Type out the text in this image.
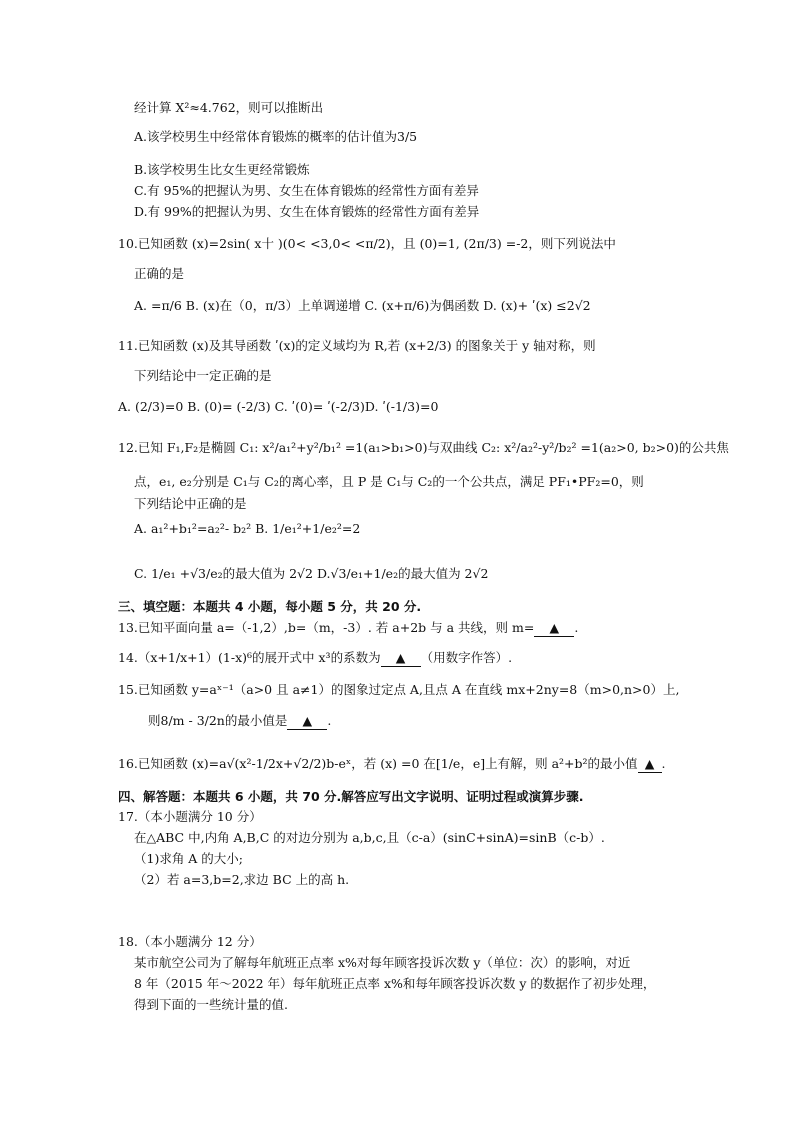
经计算 X²≈4.762，则可以推断出
A.该学校男生中经常体育锻炼的概率的估计值为3/5
B.该学校男生比女生更经常锻炼
C.有 95%的把握认为男、女生在体育锻炼的经常性方面有差异
D.有 99%的把握认为男、女生在体育锻炼的经常性方面有差异
10.已知函数 (x)=2sin( x十 )(0< <3,0< <π/2)，且 (0)=1, (2π/3) =-2，则下列说法中
正确的是
A. =π/6 B. (x)在（0，π/3）上单调递增 C. (x+π/6)为偶函数 D. (x)+ ʹ(x) ≤2√2
11.已知函数 (x)及其导函数 ʹ(x)的定义域均为 R,若 (x+2/3) 的图象关于 y 轴对称，则
下列结论中一定正确的是
A. (2/3)=0 B. (0)= (-2/3) C. ʹ(0)= ʹ(-2/3)D. ʹ(-1/3)=0
12.已知 F₁,F₂是椭圆 C₁: x²/a₁²+y²/b₁² =1(a₁>b₁>0)与双曲线 C₂: x²/a₂²-y²/b₂² =1(a₂>0, b₂>0)的公共焦
点，e₁, e₂分别是 C₁与 C₂的离心率，且 P 是 C₁与 C₂的一个公共点，满足 PF₁•PF₂=0，则
下列结论中正确的是
A. a₁²+b₁²=a₂²- b₂² B. 1/e₁²+1/e₂²=2
C. 1/e₁ +√3/e₂的最大值为 2√2 D.√3/e₁+1/e₂的最大值为 2√2
三、填空题：本题共 4 小题，每小题 5 分，共 20 分.
13.已知平面向量 a=（-1,2）,b=（m，-3）. 若 a+2b 与 a 共线，则 m= ▲ .
14.（x+1/x+1）(1-x)⁶的展开式中 x³的系数为 ▲ （用数字作答）.
15.已知函数 y=aˣ⁻¹（a>0 且 a≠1）的图象过定点 A,且点 A 在直线 mx+2ny=8（m>0,n>0）上,
则8/m - 3/2n的最小值是 ▲ .
16.已知函数 (x)=a√(x²-1/2x+√2/2)b-eˣ，若 (x) =0 在[1/e，e]上有解，则 a²+b²的最小值 ▲ .
四、解答题：本题共 6 小题，共 70 分.解答应写出文字说明、证明过程或演算步骤.
17.（本小题满分 10 分）
在△ABC 中,内角 A,B,C 的对边分别为 a,b,c,且（c-a）(sinC+sinA)=sinB（c-b）.
（1)求角 A 的大小;
（2）若 a=3,b=2,求边 BC 上的高 h.
18.（本小题满分 12 分）
某市航空公司为了解每年航班正点率 x%对每年顾客投诉次数 y（单位：次）的影响，对近
8 年（2015 年～2022 年）每年航班正点率 x%和每年顾客投诉次数 y 的数据作了初步处理，
得到下面的一些统计量的值.
